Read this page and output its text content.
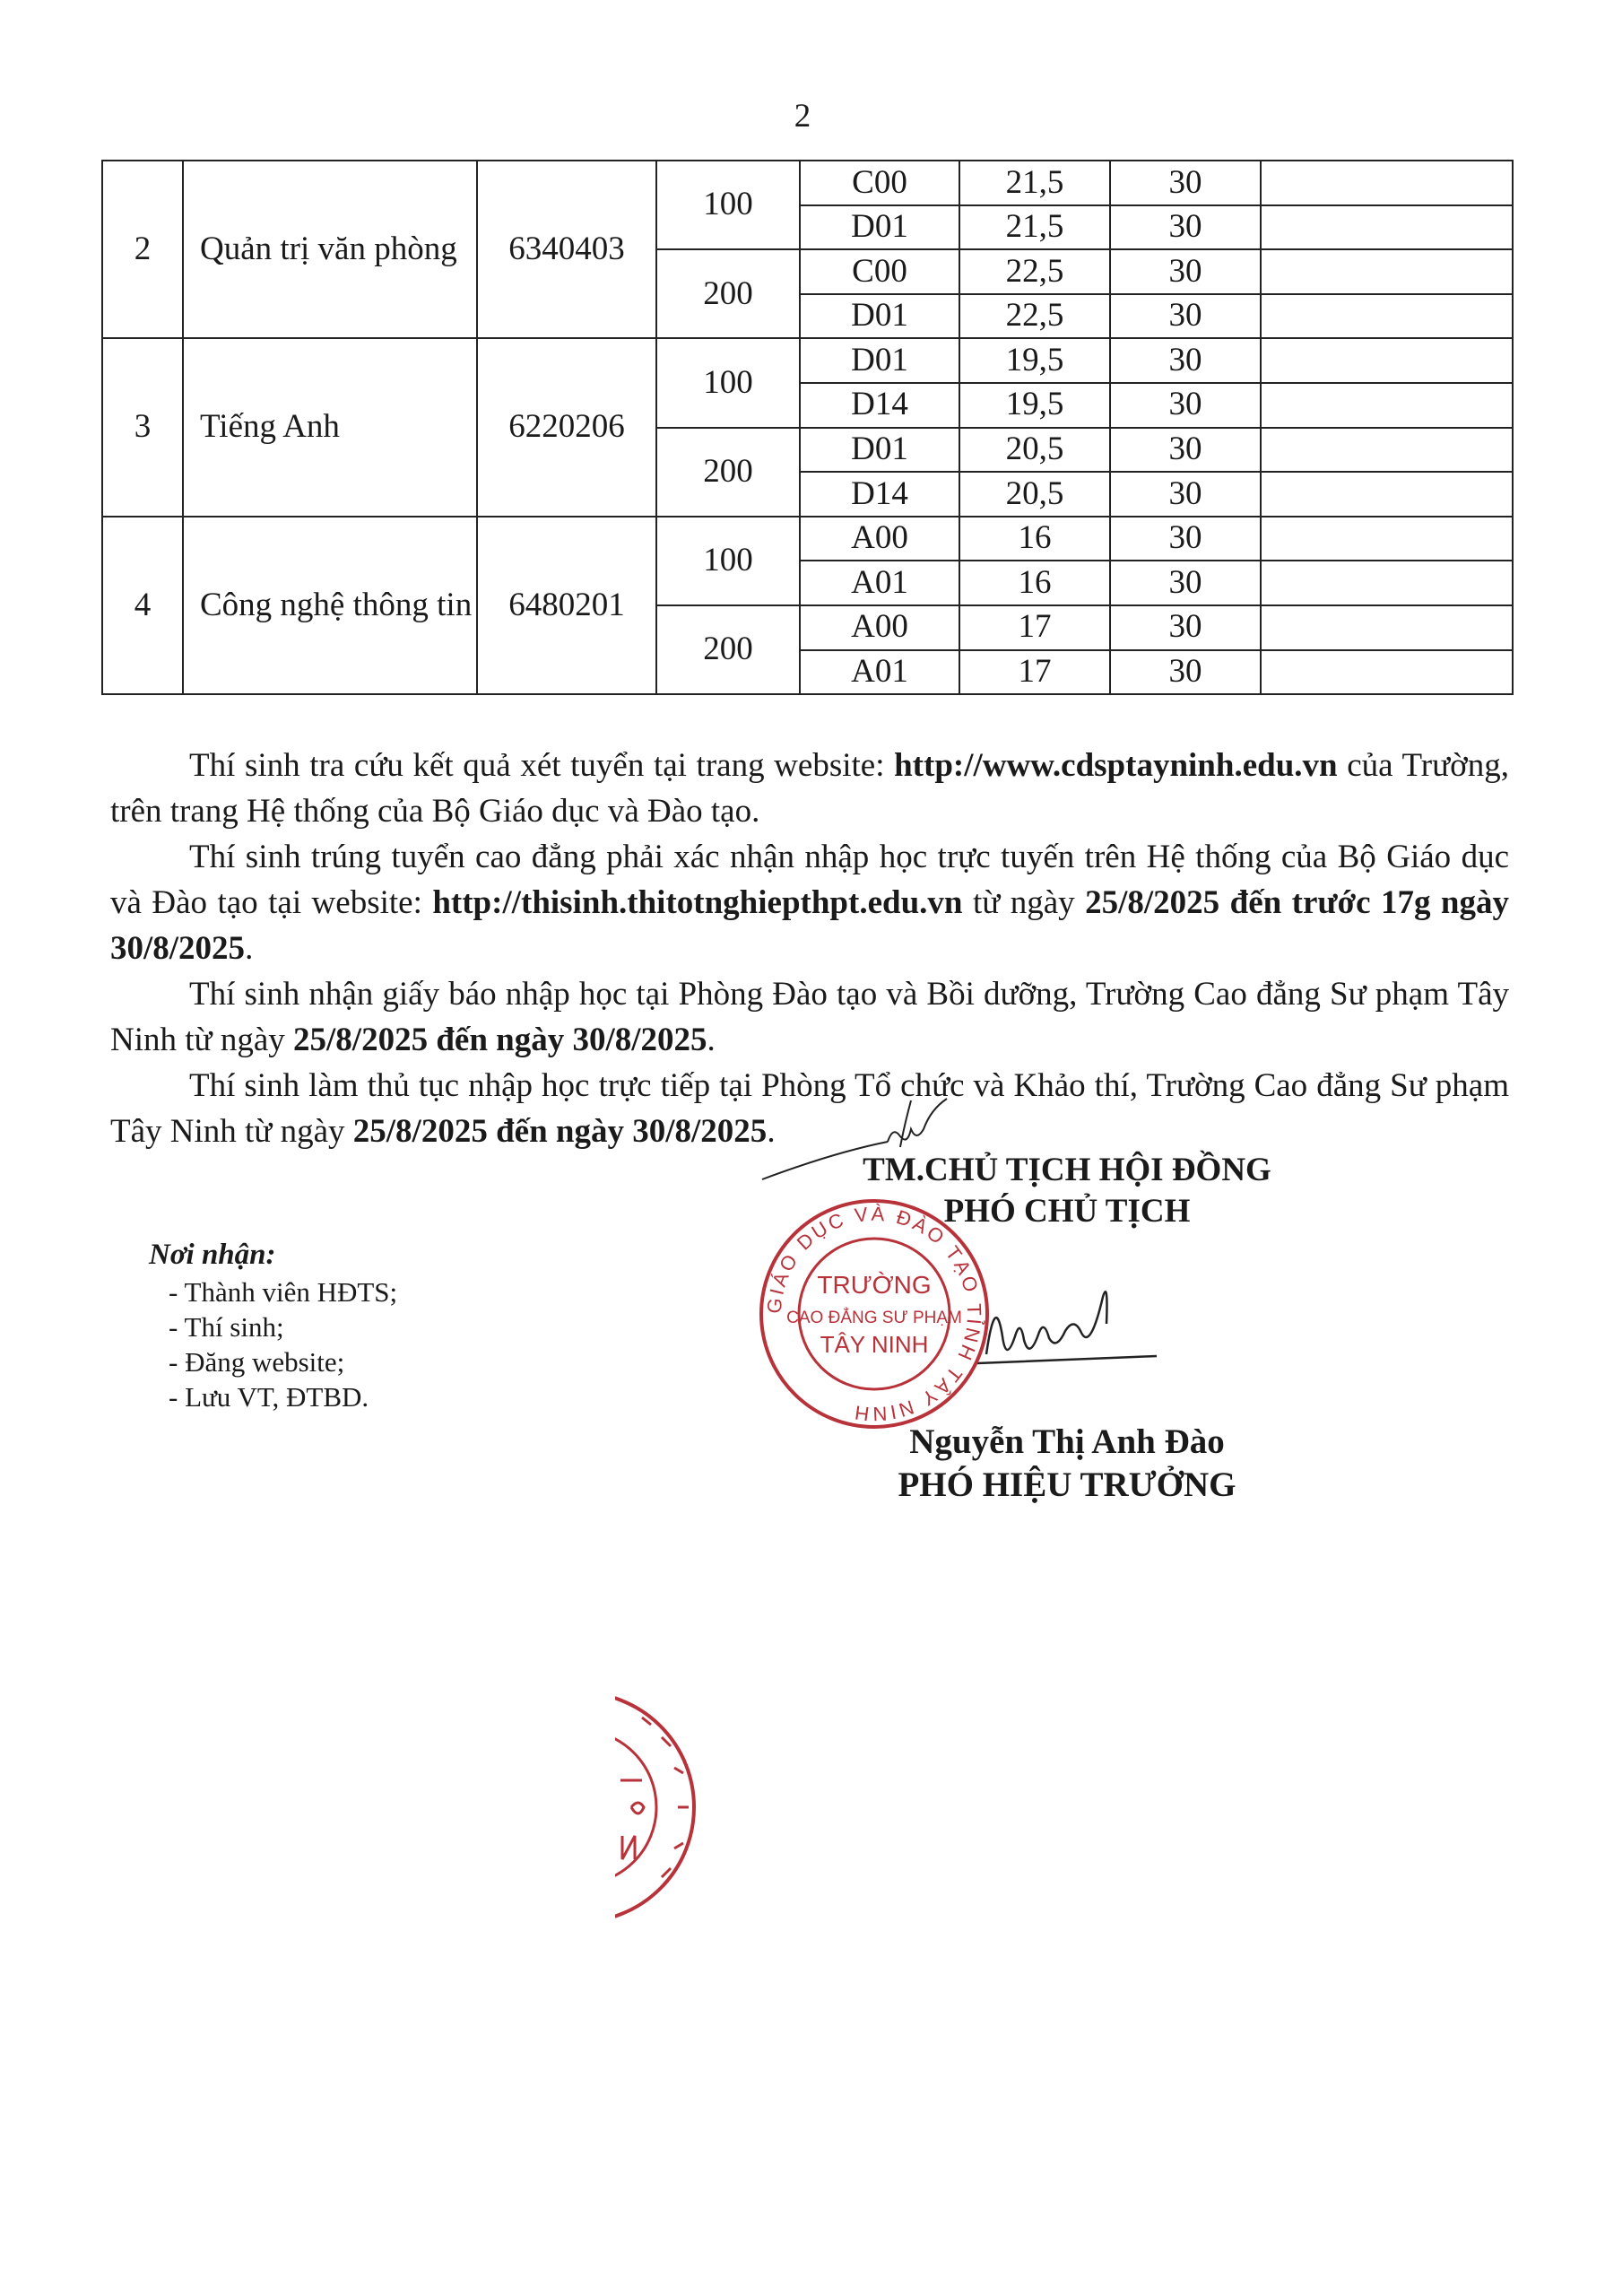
2
2	Quản trị văn phòng	6340403	100	C00	21,5	30	
				D01	21,5	30	
			200	C00	22,5	30	
				D01	22,5	30	
3	Tiếng Anh	6220206	100	D01	19,5	30	
				D14	19,5	30	
			200	D01	20,5	30	
				D14	20,5	30	
4	Công nghệ thông tin	6480201	100	A00	16	30	
				A01	16	30	
			200	A00	17	30	
				A01	17	30	

Thí sinh tra cứu kết quả xét tuyển tại trang website: http://www.cdsptayninh.edu.vn của Trường, trên trang Hệ thống của Bộ Giáo dục và Đào tạo.

Thí sinh trúng tuyển cao đẳng phải xác nhận nhập học trực tuyến trên Hệ thống của Bộ Giáo dục và Đào tạo tại website: http://thisinh.thitotnghiepthpt.edu.vn từ ngày 25/8/2025 đến trước 17g ngày 30/8/2025.

Thí sinh nhận giấy báo nhập học tại Phòng Đào tạo và Bồi dưỡng, Trường Cao đẳng Sư phạm Tây Ninh từ ngày 25/8/2025 đến ngày 30/8/2025.

Thí sinh làm thủ tục nhập học trực tiếp tại Phòng Tổ chức và Khảo thí, Trường Cao đẳng Sư phạm Tây Ninh từ ngày 25/8/2025 đến ngày 30/8/2025.

TM.CHỦ TỊCH HỘI ĐỒNG
PHÓ CHỦ TỊCH
Nguyễn Thị Anh Đào
PHÓ HIỆU TRƯỞNG
GIÁO DỤC VÀ ĐÀO TẠO TỈNH TÂY NINH
TRƯỜNG
CAO ĐẲNG SƯ PHẠM
TÂY NINH
Nơi nhận:
- Thành viên HĐTS;
- Thí sinh;
- Đăng website;
- Lưu VT, ĐTBD.
